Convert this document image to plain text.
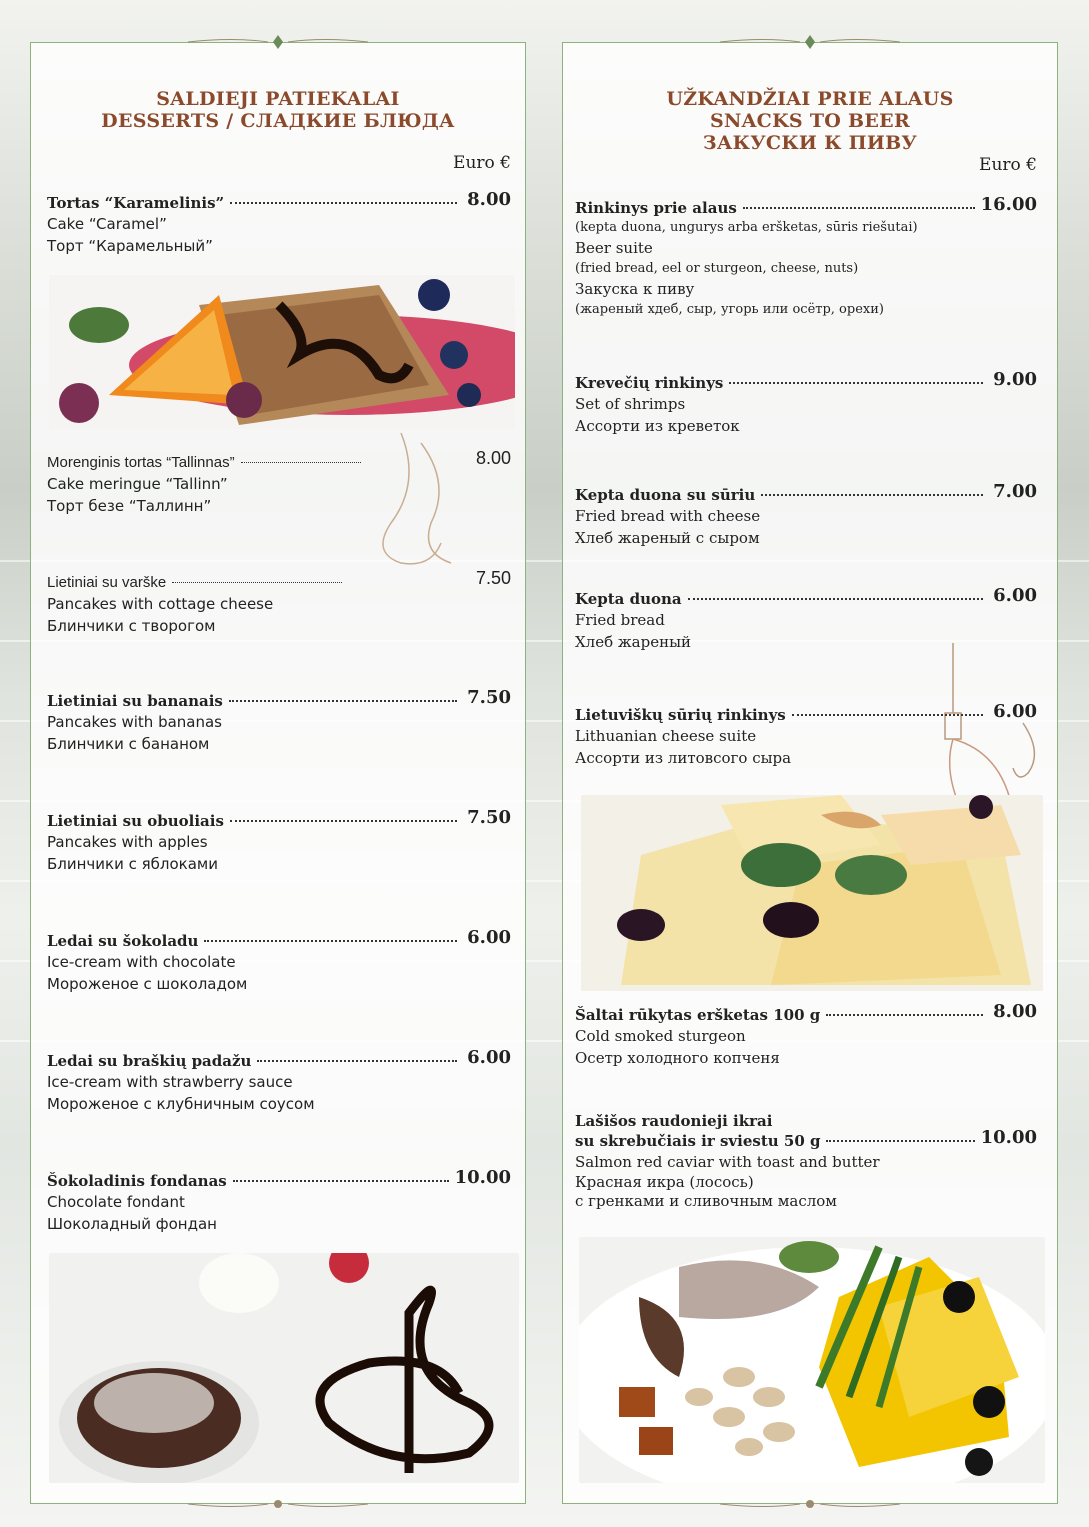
SALDIEJI PATIEKALAI
DESSERTS / СЛАДКИЕ БЛЮДА
Euro €
Tortas “Karamelinis”	8.00
Cake “Caramel”
Торт “Карамельный”
Morenginis tortas “Tallinnas”	8.00
Cake meringue “Tallinn”
Торт безе “Таллинн”
Lietiniai su varške	7.50
Pancakes with cottage cheese
Блинчики с творогом
Lietiniai su bananais	7.50
Pancakes with bananas
Блинчики с бананом
Lietiniai su obuoliais	7.50
Pancakes with apples
Блинчики с яблоками
Ledai su šokoladu	6.00
Ice-cream with chocolate
Мороженое с шоколадом
Ledai su braškių padažu	6.00
Ice-cream with strawberry sauce
Мороженое с клубничным соусом
Šokoladinis fondanas	10.00
Chocolate fondant
Шоколадный фондан
UŽKANDŽIAI PRIE ALAUS
SNACKS TO BEER
ЗАКУСКИ К ПИВУ
Euro €
Rinkinys prie alaus	16.00
(kepta duona, ungurys arba eršketas, sūris riešutai)
Beer suite
(fried bread, eel or sturgeon, cheese, nuts)
Закуска к пиву
(жареный хдеб, сыр, угорь или осётр, орехи)
Krevečių rinkinys	9.00
Set of shrimps
Ассорти из креветок
Kepta duona su sūriu	7.00
Fried bread with cheese
Хлеб жареный с сыром
Kepta duona	6.00
Fried bread
Хлеб жареный
Lietuviškų sūrių rinkinys	6.00
Lithuanian cheese suite
Ассорти из литовсого сыра
Šaltai rūkytas eršketas 100 g	8.00
Cold smoked sturgeon
Осетр холодного копченя
Lašišos raudonieji ikrai
su skrebučiais ir sviestu 50 g	10.00
Salmon red caviar with toast and butter
Красная икра (лосось)
с гренками и сливочным маслом
